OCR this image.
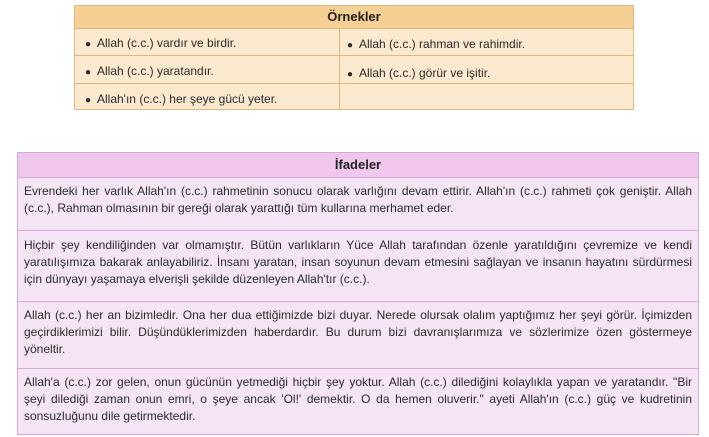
Örnekler
● Allah (c.c.) vardır ve birdir.
● Allah (c.c.) yaratandır.
● Allah'ın (c.c.) her şeye gücü yeter.
● Allah (c.c.) rahman ve rahimdir.
● Allah (c.c.) görür ve işitir.
İfadeler
Evrendeki her varlık Allah'ın (c.c.) rahmetinin sonucu olarak varlığını devam ettirir. Allah'ın (c.c.) rahmeti çok geniştir. Allah (c.c.), Rahman olmasının bir gereği olarak yarattığı tüm kullarına merhamet eder.
Hiçbir şey kendiliğinden var olmamıştır. Bütün varlıkların Yüce Allah tarafından özenle yaratıldığını çevremize ve kendi yaratılışımıza bakarak anlayabiliriz. İnsanı yaratan, insan soyunun devam etmesini sağlayan ve insanın hayatını sürdürmesi için dünyayı yaşamaya elverişli şekilde düzenleyen Allah'tır (c.c.).
Allah (c.c.) her an bizimledir. Ona her dua ettiğimizde bizi duyar. Nerede olursak olalım yaptığımız her şeyi görür. İçimizden geçirdiklerimizi bilir. Düşündüklerimizden haberdardır. Bu durum bizi davranışlarımıza ve sözlerimize özen göstermeye yöneltir.
Allah'a (c.c.) zor gelen, onun gücünün yetmediği hiçbir şey yoktur. Allah (c.c.) dilediğini kolaylıkla yapan ve yaratandır. "Bir şeyi dilediği zaman onun emri, o şeye ancak 'Ol!' demektir. O da hemen oluverir." ayeti Allah'ın (c.c.) güç ve kudretinin sonsuzluğunu dile getirmektedir.
